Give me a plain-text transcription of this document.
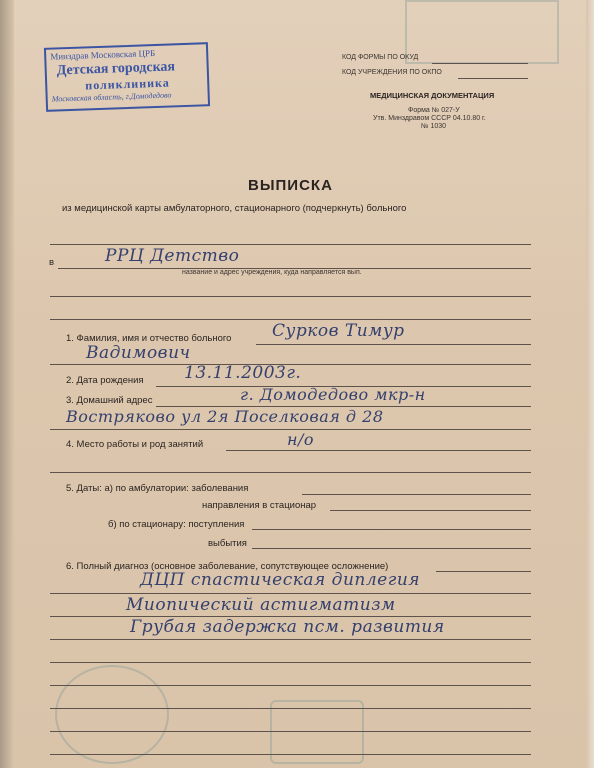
Минздрав Московская ЦРБ
Детская городская
поликлиника
Московская область, г.Домодедово
КОД ФОРМЫ ПО ОКУД
КОД УЧРЕЖДЕНИЯ ПО ОКПО
МЕДИЦИНСКАЯ ДОКУМЕНТАЦИЯ
Форма № 027-У
Утв. Минздравом СССР 04.10.80 г.
№ 1030
ВЫПИСКА
из медицинской карты амбулаторного, стационарного (подчеркнуть) больного
в	РРЦ Детство
название и адрес учреждения, куда направляется вып.
1. Фамилия, имя и отчество больного Сурков Тимур
Вадимович
2. Дата рождения 13.11.2003г.
3. Домашний адрес	г. Домодедово мкр-н
Востряково ул 2я Поселковая д 28
4. Место работы и род занятий	н/о
5. Даты: а) по амбулатории: заболевания
направления в стационар
б) по стационару: поступления
выбытия
6. Полный диагноз (основное заболевание, сопутствующее осложнение)
ДЦП спастическая диплегия
Миопический астигматизм
Грубая задержка псм. развития
